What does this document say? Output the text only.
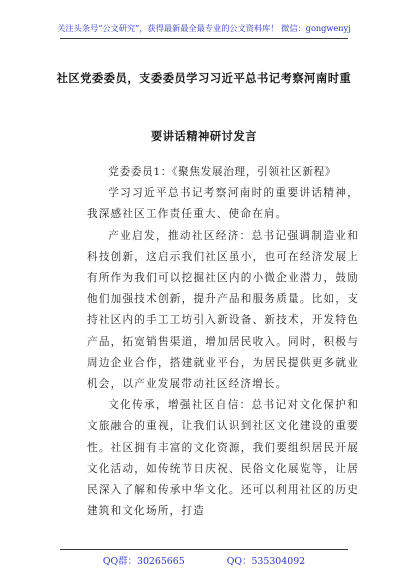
关注头条号“公文研究”，获得最新最全最专业的公文资料库！ 微信：gongwenyj
社区党委委员，支委委员学习习近平总书记考察河南时重
要讲话精神研讨发言

党委委员1：《聚焦发展治理，引领社区新程》

学习习近平总书记考察河南时的重要讲话精神，我深感社区工作责任重大、使命在肩。

产业启发，推动社区经济：总书记强调制造业和科技创新，这启示我们社区虽小，也可在经济发展上有所作为我们可以挖掘社区内的小微企业潜力，鼓励他们加强技术创新，提升产品和服务质量。比如，支持社区内的手工工坊引入新设备、新技术，开发特色产品，拓宽销售渠道，增加居民收入。同时，积极与周边企业合作，搭建就业平台，为居民提供更多就业机会，以产业发展带动社区经济增长。

文化传承，增强社区自信：总书记对文化保护和文旅融合的重视，让我们认识到社区文化建设的重要性。社区拥有丰富的文化资源，我们要组织居民开展文化活动，如传统节日庆祝、民俗文化展览等，让居民深入了解和传承中华文化。还可以利用社区的历史建筑和文化场所，打造

QQ群：30265665	QQ：535304092
